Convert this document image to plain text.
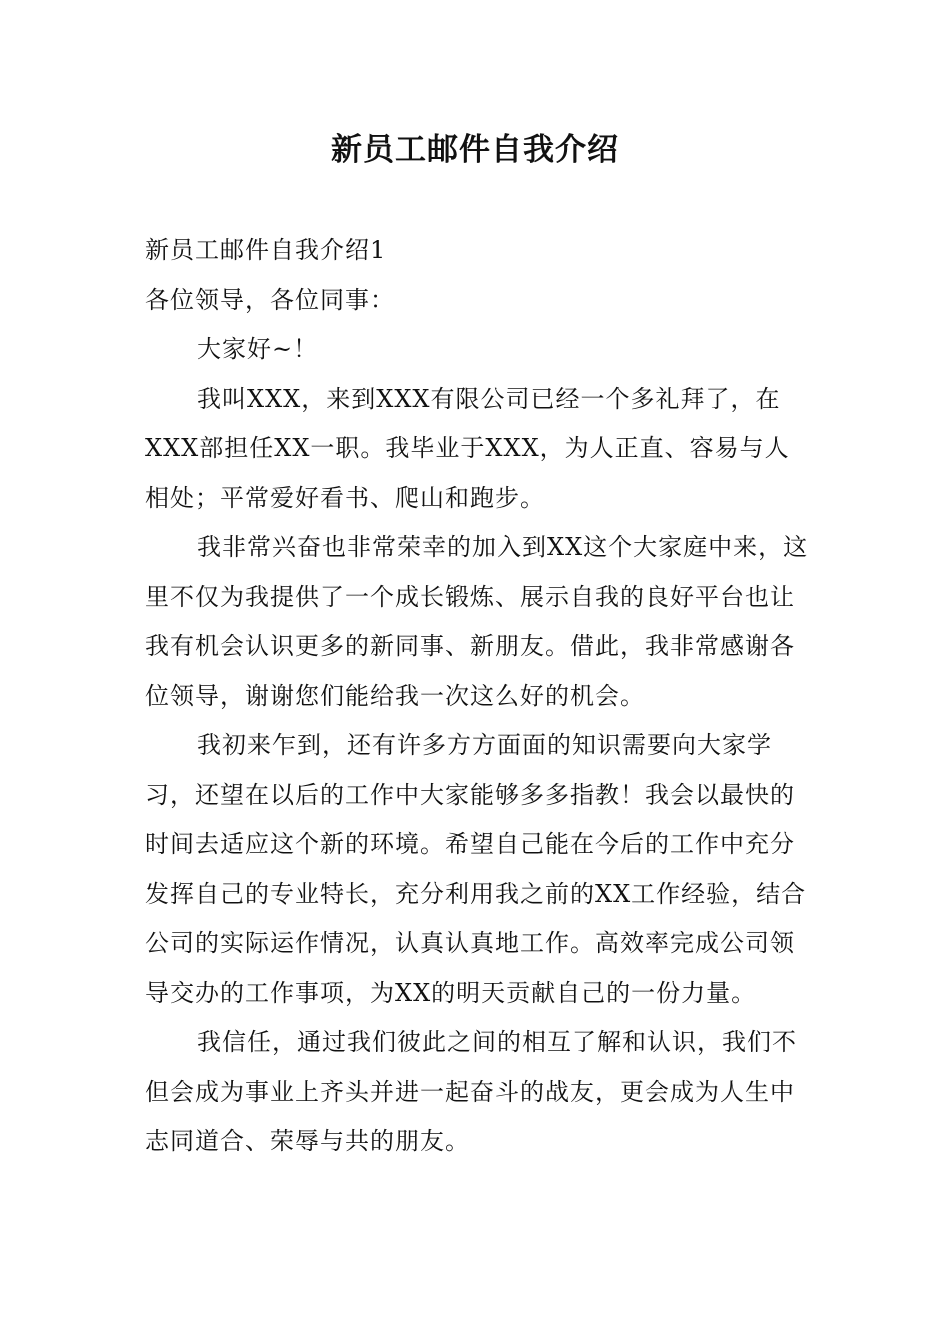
新员工邮件自我介绍

新员工邮件自我介绍1

各位领导，各位同事：

大家好~！

我叫XXX，来到XXX有限公司已经一个多礼拜了，在XXX部担任XX一职。我毕业于XXX，为人正直、容易与人相处；平常爱好看书、爬山和跑步。

我非常兴奋也非常荣幸的加入到XX这个大家庭中来，这里不仅为我提供了一个成长锻炼、展示自我的良好平台也让我有机会认识更多的新同事、新朋友。借此，我非常感谢各位领导，谢谢您们能给我一次这么好的机会。

我初来乍到，还有许多方方面面的知识需要向大家学习，还望在以后的工作中大家能够多多指教！我会以最快的时间去适应这个新的环境。希望自己能在今后的工作中充分发挥自己的专业特长，充分利用我之前的XX工作经验，结合公司的实际运作情况，认真认真地工作。高效率完成公司领导交办的工作事项，为XX的明天贡献自己的一份力量。

我信任，通过我们彼此之间的相互了解和认识，我们不但会成为事业上齐头并进一起奋斗的战友，更会成为人生中志同道合、荣辱与共的朋友。
